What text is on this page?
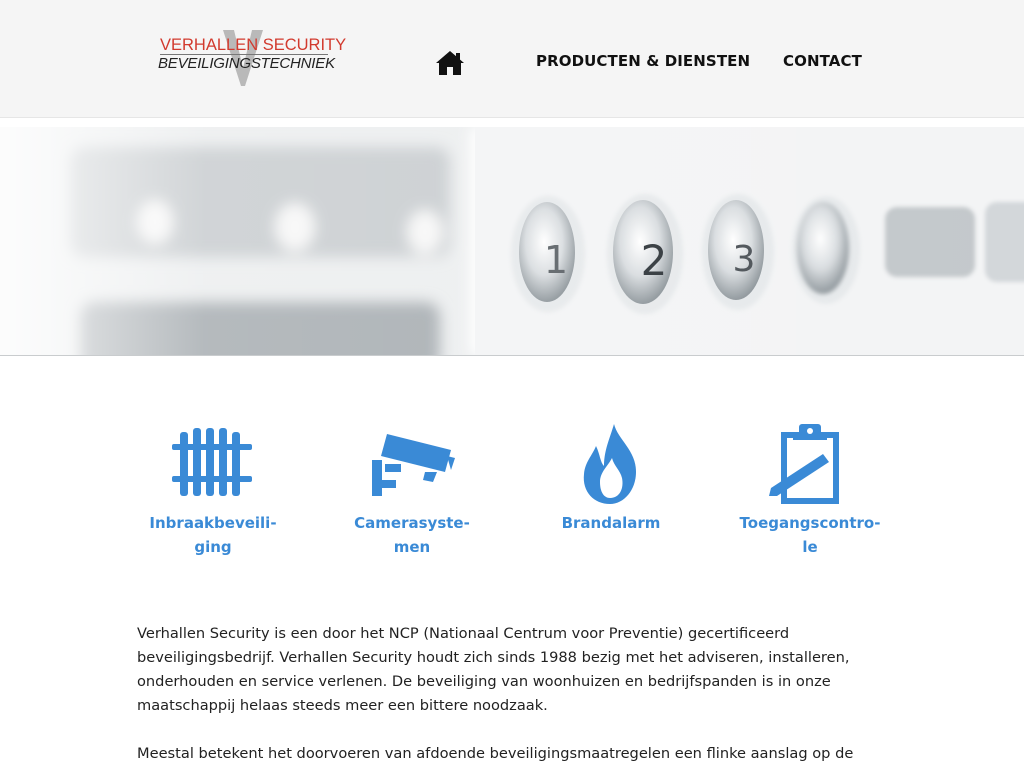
VERHALLEN SECURITY
BEVEILIGINGSTECHNIEK	PRODUCTEN & DIENSTEN CONTACT
Inbraakbeveili-
ging
Camerasyste-
men
Brandalarm	Toegangscontro-
le

Verhallen Security is een door het NCP (Nationaal Centrum voor Preventie) gecertificeerd beveiligingsbedrijf. Verhallen Security houdt zich sinds 1988 bezig met het adviseren, installeren, onderhouden en service verlenen. De beveiliging van woonhuizen en bedrijfspanden is in onze maatschappij helaas steeds meer een bittere noodzaak.

Meestal betekent het doorvoeren van afdoende beveiligingsmaatregelen een flinke aanslag op de
